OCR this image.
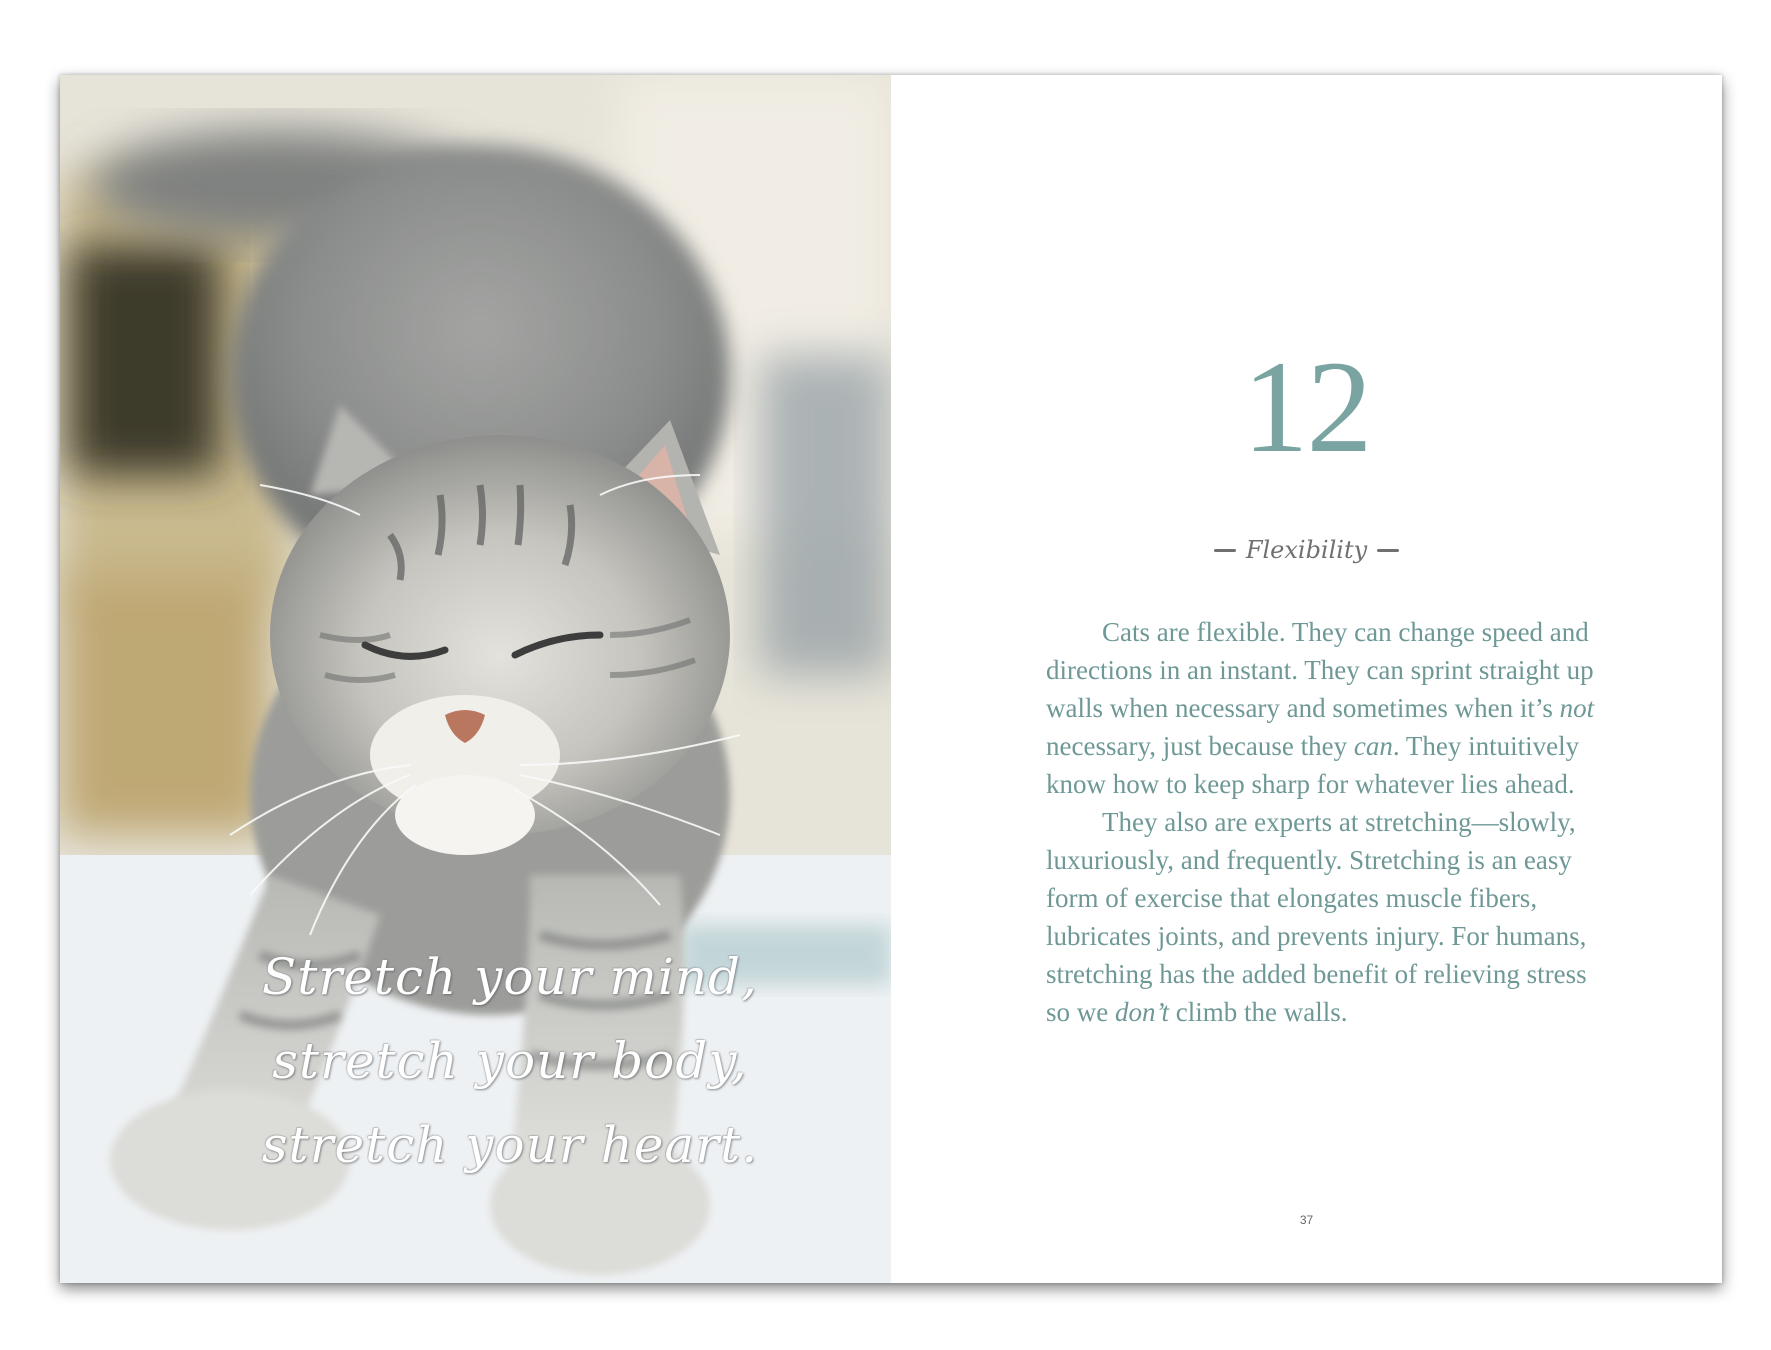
Stretch your mind,
stretch your body,
stretch your heart.
12
Flexibility

Cats are flexible. They can change speed and directions in an instant. They can sprint straight up walls when necessary and sometimes when it’s not necessary, just because they can. They intuitively know how to keep sharp for whatever lies ahead.

They also are experts at stretching—slowly, luxuriously, and frequently. Stretching is an easy form of exercise that elongates muscle fibers, lubricates joints, and prevents injury. For humans, stretching has the added benefit of relieving stress so we don’t climb the walls.

37
